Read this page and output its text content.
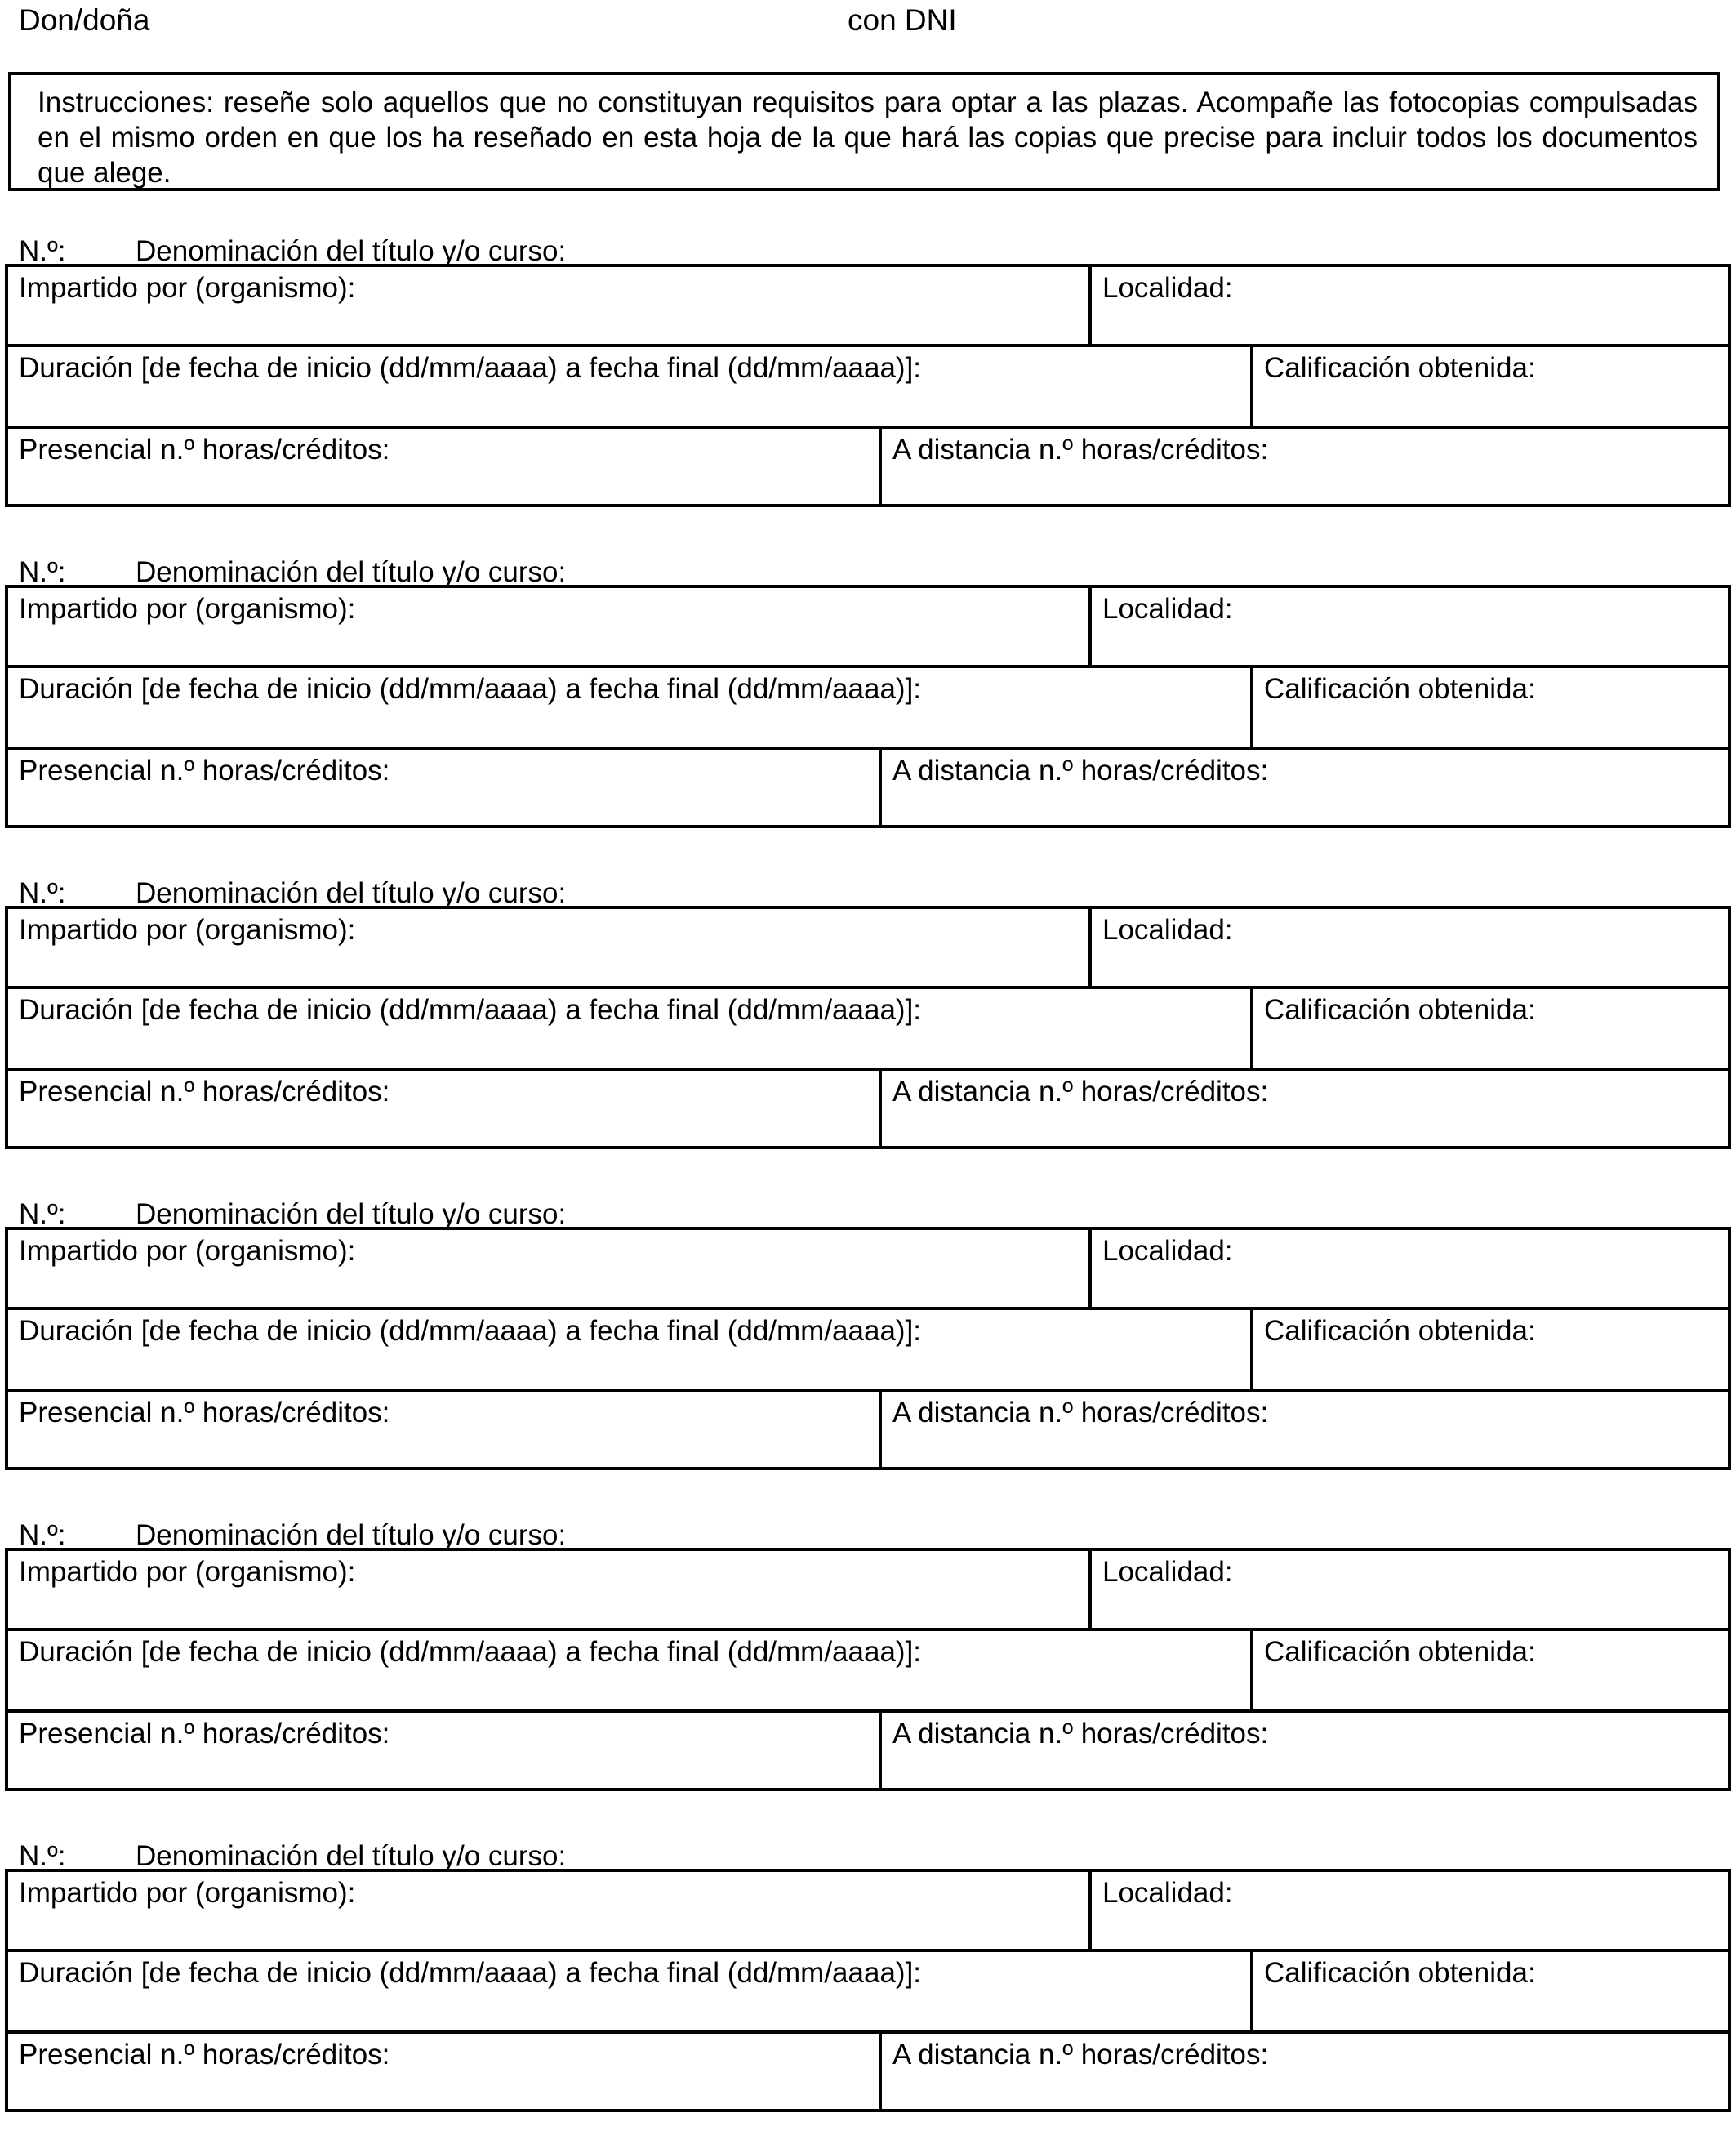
Don/doña	con DNI

Instrucciones: reseñe solo aquellos que no constituyan requisitos para optar a las plazas. Acompañe las fotocopias compulsadas en el mismo orden en que los ha reseñado en esta hoja de la que hará las copias que precise para incluir todos los documentos que alege.

N.º: Denominación del título y/o curso:
Impartido por (organismo):	Localidad:
Duración [de fecha de inicio (dd/mm/aaaa) a fecha final (dd/mm/aaaa)]:	Calificación obtenida:
Presencial n.º horas/créditos:	A distancia n.º horas/créditos:
N.º: Denominación del título y/o curso:
Impartido por (organismo):	Localidad:
Duración [de fecha de inicio (dd/mm/aaaa) a fecha final (dd/mm/aaaa)]:	Calificación obtenida:
Presencial n.º horas/créditos:	A distancia n.º horas/créditos:
N.º: Denominación del título y/o curso:
Impartido por (organismo):	Localidad:
Duración [de fecha de inicio (dd/mm/aaaa) a fecha final (dd/mm/aaaa)]:	Calificación obtenida:
Presencial n.º horas/créditos:	A distancia n.º horas/créditos:
N.º: Denominación del título y/o curso:
Impartido por (organismo):	Localidad:
Duración [de fecha de inicio (dd/mm/aaaa) a fecha final (dd/mm/aaaa)]:	Calificación obtenida:
Presencial n.º horas/créditos:	A distancia n.º horas/créditos:
N.º: Denominación del título y/o curso:
Impartido por (organismo):	Localidad:
Duración [de fecha de inicio (dd/mm/aaaa) a fecha final (dd/mm/aaaa)]:	Calificación obtenida:
Presencial n.º horas/créditos:	A distancia n.º horas/créditos:
N.º: Denominación del título y/o curso:
Impartido por (organismo):	Localidad:
Duración [de fecha de inicio (dd/mm/aaaa) a fecha final (dd/mm/aaaa)]:	Calificación obtenida:
Presencial n.º horas/créditos:	A distancia n.º horas/créditos:
